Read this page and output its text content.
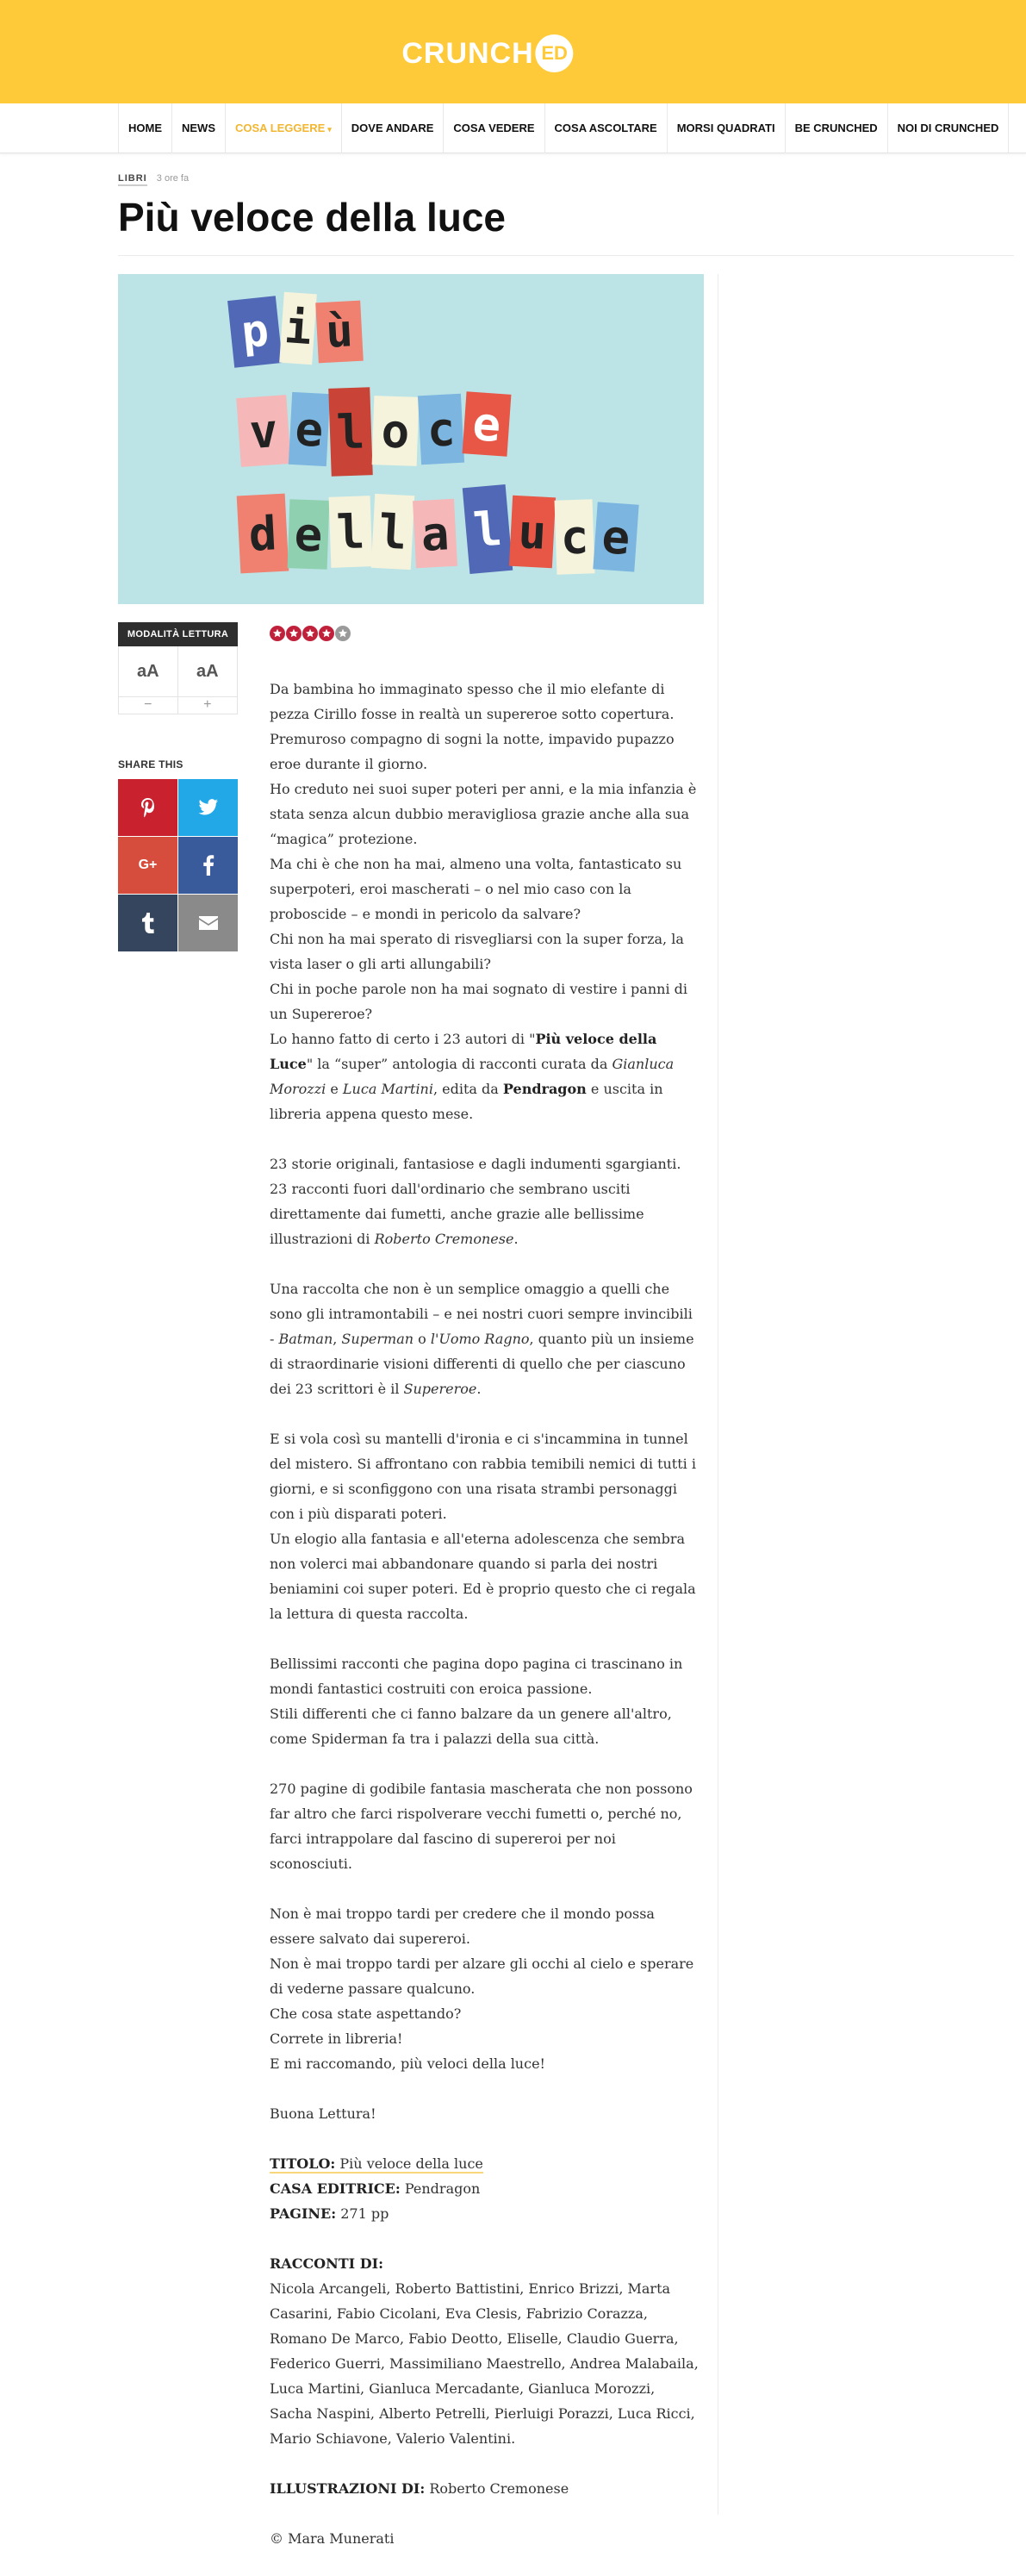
CRUNCH ED
HOME	NEWS	COSA LEGGERE ▾	DOVE ANDARE	COSA VEDERE	COSA ASCOLTARE	MORSI QUADRATI	BE CRUNCHED	NOI DI CRUNCHED
LIBRI 3 ore fa
Più veloce della luce
p i ù
v e l o c e
d e l l a l u c e
MODALITÀ LETTURA
aA
−
aA
+
SHARE THIS
G+

Da bambina ho immaginato spesso che il mio elefante di pezza Cirillo fosse in realtà un supereroe sotto copertura.
Premuroso compagno di sogni la notte, impavido pupazzo eroe durante il giorno.
Ho creduto nei suoi super poteri per anni, e la mia infanzia è stata senza alcun dubbio meravigliosa grazie anche alla sua “magica” protezione.
Ma chi è che non ha mai, almeno una volta, fantasticato su superpoteri, eroi mascherati – o nel mio caso con la proboscide – e mondi in pericolo da salvare?
Chi non ha mai sperato di risvegliarsi con la super forza, la vista laser o gli arti allungabili?
Chi in poche parole non ha mai sognato di vestire i panni di un Supereroe?
Lo hanno fatto di certo i 23 autori di "Più veloce della Luce" la “super” antologia di racconti curata da Gianluca Morozzi e Luca Martini, edita da Pendragon e uscita in libreria appena questo mese.

23 storie originali, fantasiose e dagli indumenti sgargianti.
23 racconti fuori dall'ordinario che sembrano usciti direttamente dai fumetti, anche grazie alle bellissime illustrazioni di Roberto Cremonese.

Una raccolta che non è un semplice omaggio a quelli che sono gli intramontabili – e nei nostri cuori sempre invincibili - Batman, Superman o l'Uomo Ragno, quanto più un insieme di straordinarie visioni differenti di quello che per ciascuno dei 23 scrittori è il Supereroe.

E si vola così su mantelli d'ironia e ci s'incammina in tunnel del mistero. Si affrontano con rabbia temibili nemici di tutti i giorni, e si sconfiggono con una risata strambi personaggi con i più disparati poteri.
Un elogio alla fantasia e all'eterna adolescenza che sembra non volerci mai abbandonare quando si parla dei nostri beniamini coi super poteri. Ed è proprio questo che ci regala la lettura di questa raccolta.

Bellissimi racconti che pagina dopo pagina ci trascinano in mondi fantastici costruiti con eroica passione.
Stili differenti che ci fanno balzare da un genere all'altro, come Spiderman fa tra i palazzi della sua città.

270 pagine di godibile fantasia mascherata che non possono far altro che farci rispolverare vecchi fumetti o, perché no, farci intrappolare dal fascino di supereroi per noi sconosciuti.

Non è mai troppo tardi per credere che il mondo possa essere salvato dai supereroi.
Non è mai troppo tardi per alzare gli occhi al cielo e sperare di vederne passare qualcuno.
Che cosa state aspettando?
Correte in libreria!
E mi raccomando, più veloci della luce!

Buona Lettura!

TITOLO: Più veloce della luce
CASA EDITRICE: Pendragon
PAGINE: 271 pp

RACCONTI DI:
Nicola Arcangeli, Roberto Battistini, Enrico Brizzi, Marta Casarini, Fabio Cicolani, Eva Clesis, Fabrizio Corazza, Romano De Marco, Fabio Deotto, Eliselle, Claudio Guerra, Federico Guerri, Massimiliano Maestrello, Andrea Malabaila, Luca Martini, Gianluca Mercadante, Gianluca Morozzi, Sacha Naspini, Alberto Petrelli, Pierluigi Porazzi, Luca Ricci, Mario Schiavone, Valerio Valentini.

ILLUSTRAZIONI DI: Roberto Cremonese

© Mara Munerati
